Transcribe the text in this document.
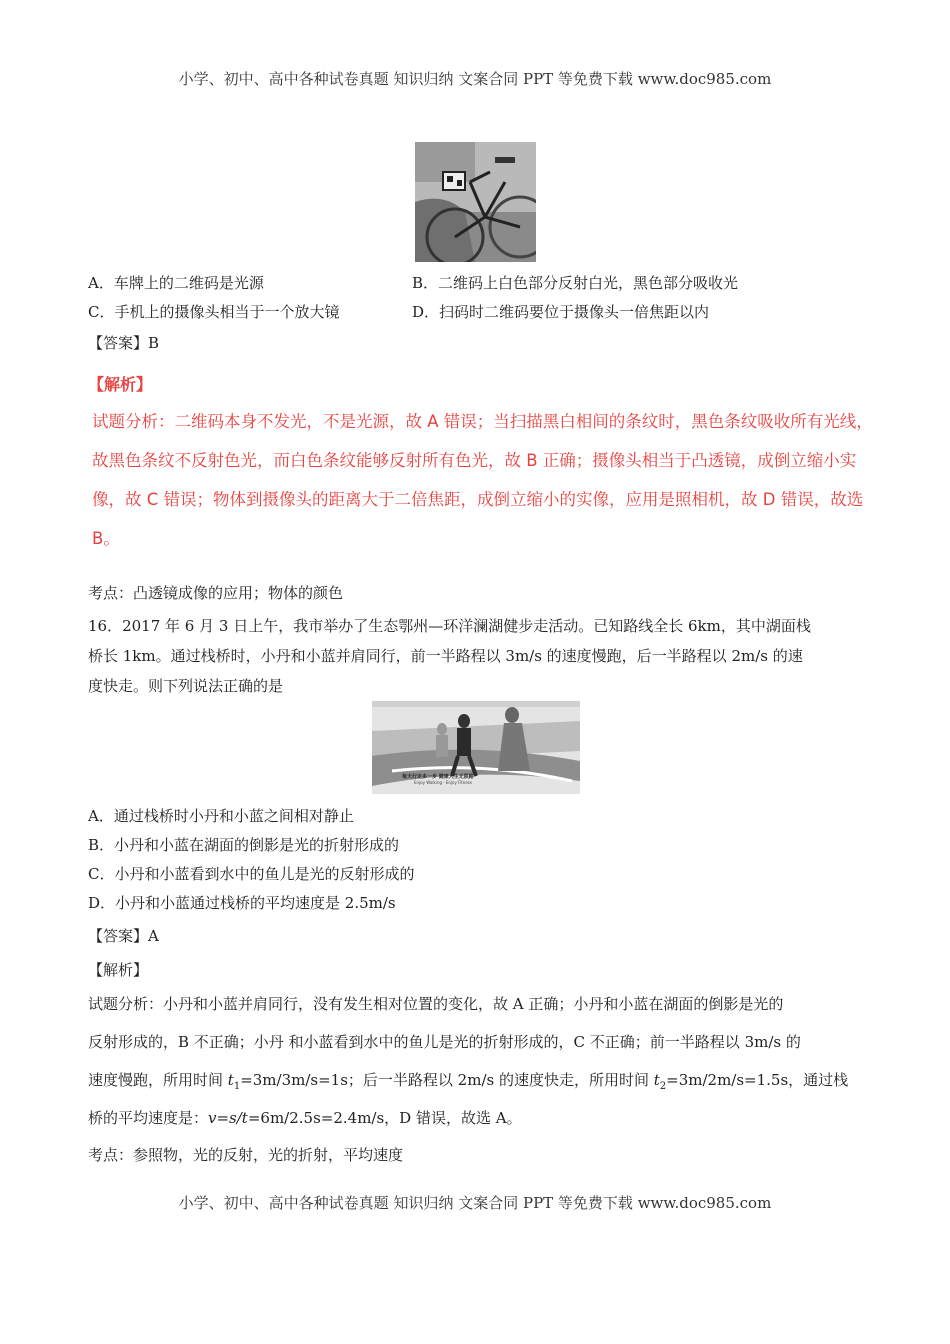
小学、初中、高中各种试卷真题 知识归纳 文案合同 PPT 等免费下载 www.doc985.com
A．车牌上的二维码是光源	B．二维码上白色部分反射白光，黑色部分吸收光
C．手机上的摄像头相当于一个放大镜	D．扫码时二维码要位于摄像头一倍焦距以内
【答案】B
【解析】
试题分析：二维码本身不发光，不是光源，故 A 错误；当扫描黑白相间的条纹时，黑色条纹吸收所有光线，
故黑色条纹不反射色光，而白色条纹能够反射所有色光，故 B 正确；摄像头相当于凸透镜，成倒立缩小实
像，故 C 错误；物体到摄像头的距离大于二倍焦距，成倒立缩小的实像，应用是照相机，故 D 错误，故选
B。
考点：凸透镜成像的应用；物体的颜色
16．2017 年 6 月 3 日上午，我市举办了生态鄂州—环洋澜湖健步走活动。已知路线全长 6km，其中湖面栈
桥长 1km。通过栈桥时，小丹和小蓝并肩同行，前一半路程以 3m/s 的速度慢跑，后一半路程以 2m/s 的速
度快走。则下列说法正确的是
每天行走多一步 健康人生无限路
Enjoy Walking · Enjoy Fitness
A．通过栈桥时小丹和小蓝之间相对静止
B．小丹和小蓝在湖面的倒影是光的折射形成的
C．小丹和小蓝看到水中的鱼儿是光的反射形成的
D．小丹和小蓝通过栈桥的平均速度是 2.5m/s
【答案】A
【解析】
试题分析：小丹和小蓝并肩同行，没有发生相对位置的变化，故 A 正确；小丹和小蓝在湖面的倒影是光的
反射形成的，B 不正确；小丹 和小蓝看到水中的鱼儿是光的折射形成的，C 不正确；前一半路程以 3m/s 的
速度慢跑，所用时间 $t_1=3m/3m/s=1s$；后一半路程以 2m/s 的速度快走，所用时间 $t_2=3m/2m/s=1.5s$，通过栈
桥的平均速度是：v=s/t=6m/2.5s=2.4m/s，D 错误，故选 A。
考点：参照物，光的反射，光的折射，平均速度
小学、初中、高中各种试卷真题 知识归纳 文案合同 PPT 等免费下载 www.doc985.com
